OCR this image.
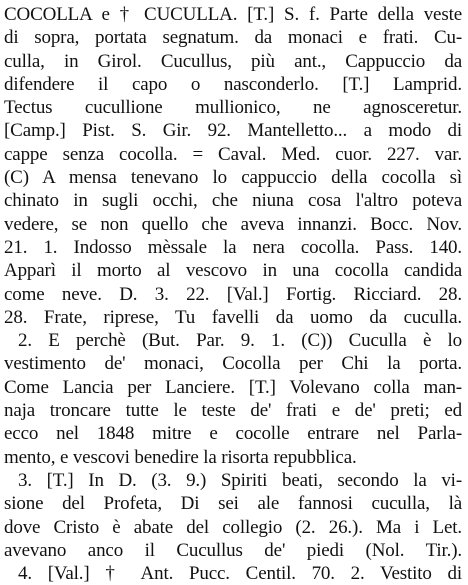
COCOLLA e † CUCULLA. [T.] S. f. Parte della veste
di sopra, portata segnatum. da monaci e frati. Cu-
culla, in Girol. Cucullus, più ant., Cappuccio da
difendere il capo o nasconderlo. [T.] Lamprid.
Tectus cucullione mullionico, ne agnosceretur.
[Camp.] Pist. S. Gir. 92. Mantelletto... a modo di
cappe senza cocolla. = Caval. Med. cuor. 227. var.
(C) A mensa tenevano lo cappuccio della cocolla sì
chinato in sugli occhi, che niuna cosa l'altro poteva
vedere, se non quello che aveva innanzi. Bocc. Nov.
21. 1. Indosso mèssale la nera cocolla. Pass. 140.
Apparì il morto al vescovo in una cocolla candida
come neve. D. 3. 22. [Val.] Fortig. Ricciard. 28.
28. Frate, riprese, Tu favelli da uomo da cuculla.
2. E perchè (But. Par. 9. 1. (C)) Cuculla è lo
vestimento de' monaci, Cocolla per Chi la porta.
Come Lancia per Lanciere. [T.] Volevano colla man-
naja troncare tutte le teste de' frati e de' preti; ed
ecco nel 1848 mitre e cocolle entrare nel Parla-
mento, e vescovi benedire la risorta repubblica.
3. [T.] In D. (3. 9.) Spiriti beati, secondo la vi-
sione del Profeta, Di sei ale fannosi cuculla, là
dove Cristo è abate del collegio (2. 26.). Ma i Let.
avevano anco il Cucullus de' piedi (Nol. Tir.).
4. [Val.] † Ant. Pucc. Centil. 70. 2. Vestito di
